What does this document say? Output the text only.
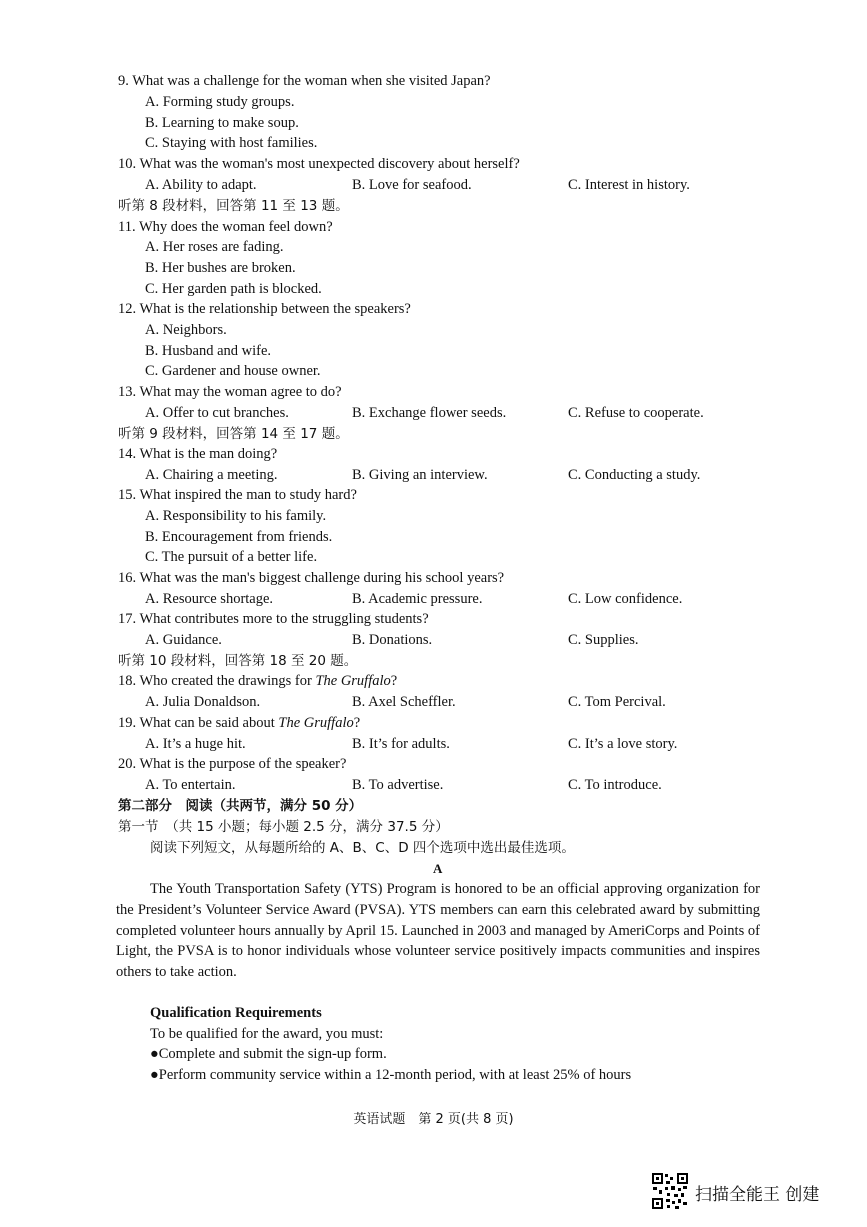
9. What was a challenge for the woman when she visited Japan?
A. Forming study groups.
B. Learning to make soup.
C. Staying with host families.
10. What was the woman's most unexpected discovery about herself?
A. Ability to adapt.	B. Love for seafood.	C. Interest in history.
听第 8 段材料，回答第 11 至 13 题。
11. Why does the woman feel down?
A. Her roses are fading.
B. Her bushes are broken.
C. Her garden path is blocked.
12. What is the relationship between the speakers?
A. Neighbors.
B. Husband and wife.
C. Gardener and house owner.
13. What may the woman agree to do?
A. Offer to cut branches.	B. Exchange flower seeds.	C. Refuse to cooperate.
听第 9 段材料，回答第 14 至 17 题。
14. What is the man doing?
A. Chairing a meeting.	B. Giving an interview.	C. Conducting a study.
15. What inspired the man to study hard?
A. Responsibility to his family.
B. Encouragement from friends.
C. The pursuit of a better life.
16. What was the man's biggest challenge during his school years?
A. Resource shortage.	B. Academic pressure.	C. Low confidence.
17. What contributes more to the struggling students?
A. Guidance.	B. Donations.	C. Supplies.
听第 10 段材料，回答第 18 至 20 题。
18. Who created the drawings for The Gruffalo?
A. Julia Donaldson.	B. Axel Scheffler.	C. Tom Percival.
19. What can be said about The Gruffalo?
A. It’s a huge hit.	B. It’s for adults.	C. It’s a love story.
20. What is the purpose of the speaker?
A. To entertain.	B. To advertise.	C. To introduce.
第二部分　阅读（共两节，满分 50 分）
第一节　（共 15 小题；每小题 2.5 分，满分 37.5 分）
阅读下列短文，从每题所给的 A、B、C、D 四个选项中选出最佳选项。
A
The Youth Transportation Safety (YTS) Program is honored to be an official approving organization for the President’s Volunteer Service Award (PVSA). YTS members can earn this celebrated award by submitting completed volunteer hours annually by April 15. Launched in 2003 and managed by AmeriCorps and Points of Light, the PVSA is to honor individuals whose volunteer service positively impacts communities and inspires others to take action.
Qualification Requirements
To be qualified for the award, you must:
●Complete and submit the sign-up form.
●Perform community service within a 12-month period, with at least 25% of hours
英语试题　第 2 页(共 8 页)
扫描全能王 创建
